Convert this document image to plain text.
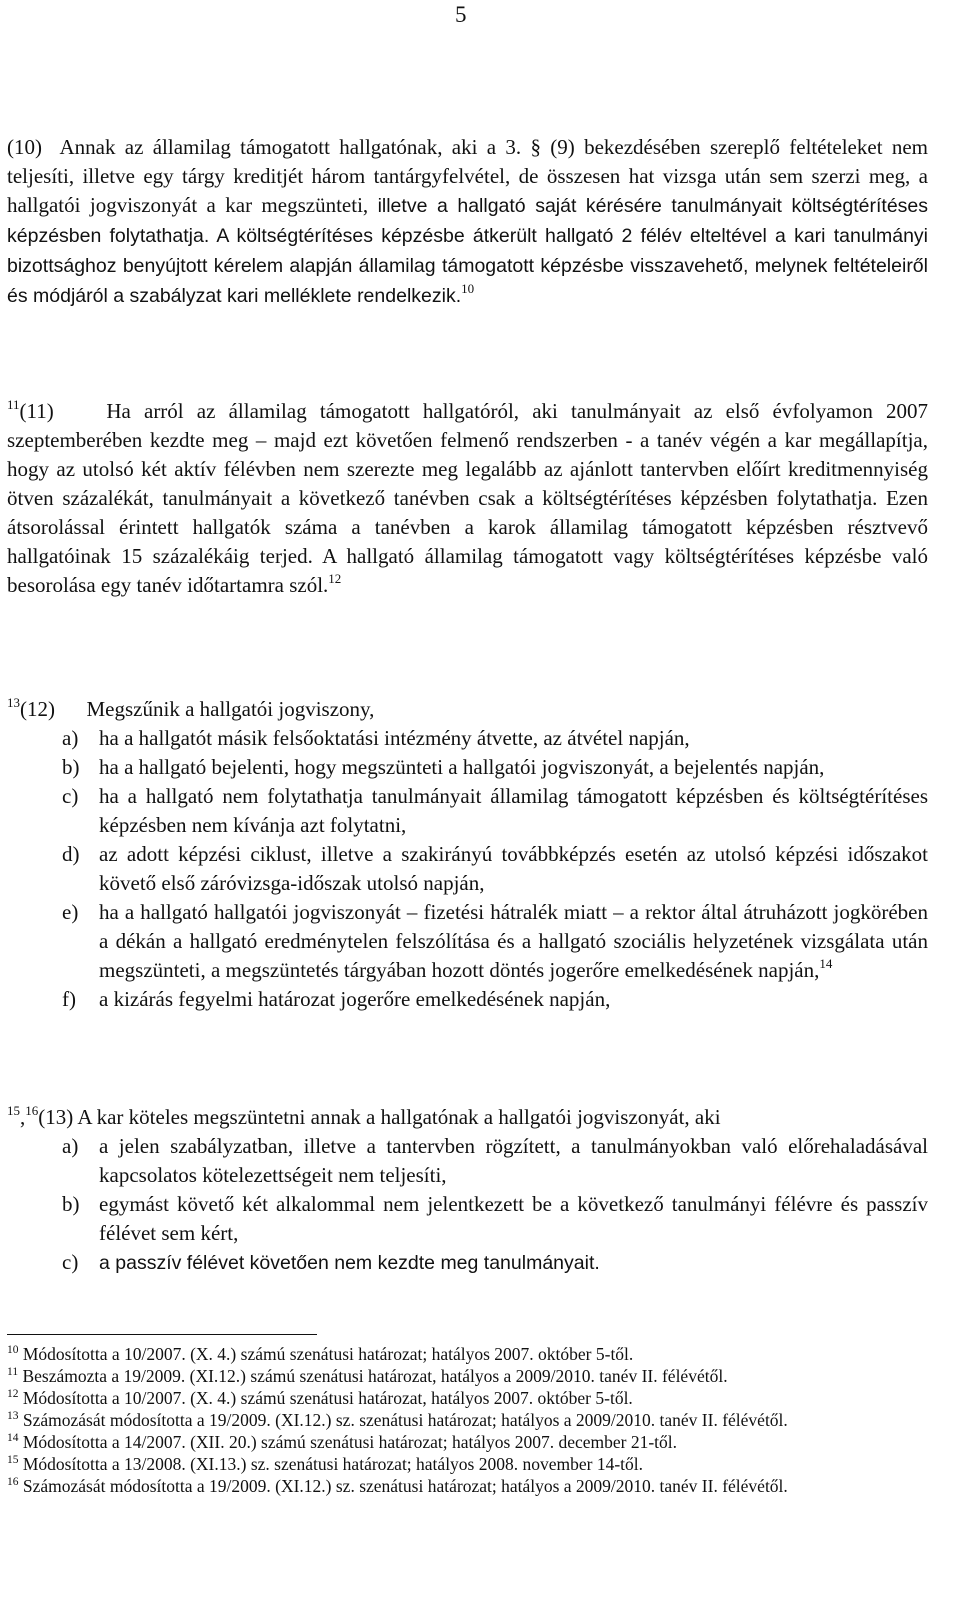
5

(10) Annak az államilag támogatott hallgatónak, aki a 3. § (9) bekezdésében szereplő feltételeket nem teljesíti, illetve egy tárgy kreditjét három tantárgyfelvétel, de összesen hat vizsga után sem szerzi meg, a hallgatói jogviszonyát a kar megszünteti, illetve a hallgató saját kérésére tanulmányait költségtérítéses képzésben folytathatja. A költségtérítéses képzésbe átkerült hallgató 2 félév elteltével a kari tanulmányi bizottsághoz benyújtott kérelem alapján államilag támogatott képzésbe visszavehető, melynek feltételeiről és módjáról a szabályzat kari melléklete rendelkezik.$^{10}$

$^{11}$(11)	Ha arról az államilag támogatott hallgatóról, aki tanulmányait az első évfolyamon 2007 szeptemberében kezdte meg – majd ezt követően felmenő rendszerben - a tanév végén a kar megállapítja, hogy az utolsó két aktív félévben nem szerezte meg legalább az ajánlott tantervben előírt kreditmennyiség ötven százalékát, tanulmányait a következő tanévben csak a költségtérítéses képzésben folytathatja. Ezen átsorolással érintett hallgatók száma a tanévben a karok államilag támogatott képzésben résztvevő hallgatóinak 15 százalékáig terjed. A hallgató államilag támogatott vagy költségtérítéses képzésbe való besorolása egy tanév időtartamra szól.$^{12}$

$^{13}$(12) Megszűnik a hallgatói jogviszony,
a) ha a hallgatót másik felsőoktatási intézmény átvette, az átvétel napján,
b) ha a hallgató bejelenti, hogy megszünteti a hallgatói jogviszonyát, a bejelentés napján,
c) ha a hallgató nem folytathatja tanulmányait államilag támogatott képzésben és költségtérítéses képzésben nem kívánja azt folytatni,
d) az adott képzési ciklust, illetve a szakirányú továbbképzés esetén az utolsó képzési időszakot követő első záróvizsga-időszak utolsó napján,
e) ha a hallgató hallgatói jogviszonyát – fizetési hátralék miatt – a rektor által átruházott jogkörében a dékán a hallgató eredménytelen felszólítása és a hallgató szociális helyzetének vizsgálata után megszünteti, a megszüntetés tárgyában hozott döntés jogerőre emelkedésének napján,$^{14}$
f) a kizárás fegyelmi határozat jogerőre emelkedésének napján,
$^{15}$,$^{16}$(13) A kar köteles megszüntetni annak a hallgatónak a hallgatói jogviszonyát, aki
a) a jelen szabályzatban, illetve a tantervben rögzített, a tanulmányokban való előrehaladásával kapcsolatos kötelezettségeit nem teljesíti,
b) egymást követő két alkalommal nem jelentkezett be a következő tanulmányi félévre és passzív félévet sem kért,
c) a passzív félévet követően nem kezdte meg tanulmányait.
$^{10}$ Módosította a 10/2007. (X. 4.) számú szenátusi határozat; hatályos 2007. október 5-től.
$^{11}$ Beszámozta a 19/2009. (XI.12.) számú szenátusi határozat, hatályos a 2009/2010. tanév II. félévétől.
$^{12}$ Módosította a 10/2007. (X. 4.) számú szenátusi határozat, hatályos 2007. október 5-től.
$^{13}$ Számozását módosította a 19/2009. (XI.12.) sz. szenátusi határozat; hatályos a 2009/2010. tanév II. félévétől.
$^{14}$ Módosította a 14/2007. (XII. 20.) számú szenátusi határozat; hatályos 2007. december 21-től.
$^{15}$ Módosította a 13/2008. (XI.13.) sz. szenátusi határozat; hatályos 2008. november 14-től.
$^{16}$ Számozását módosította a 19/2009. (XI.12.) sz. szenátusi határozat; hatályos a 2009/2010. tanév II. félévétől.
